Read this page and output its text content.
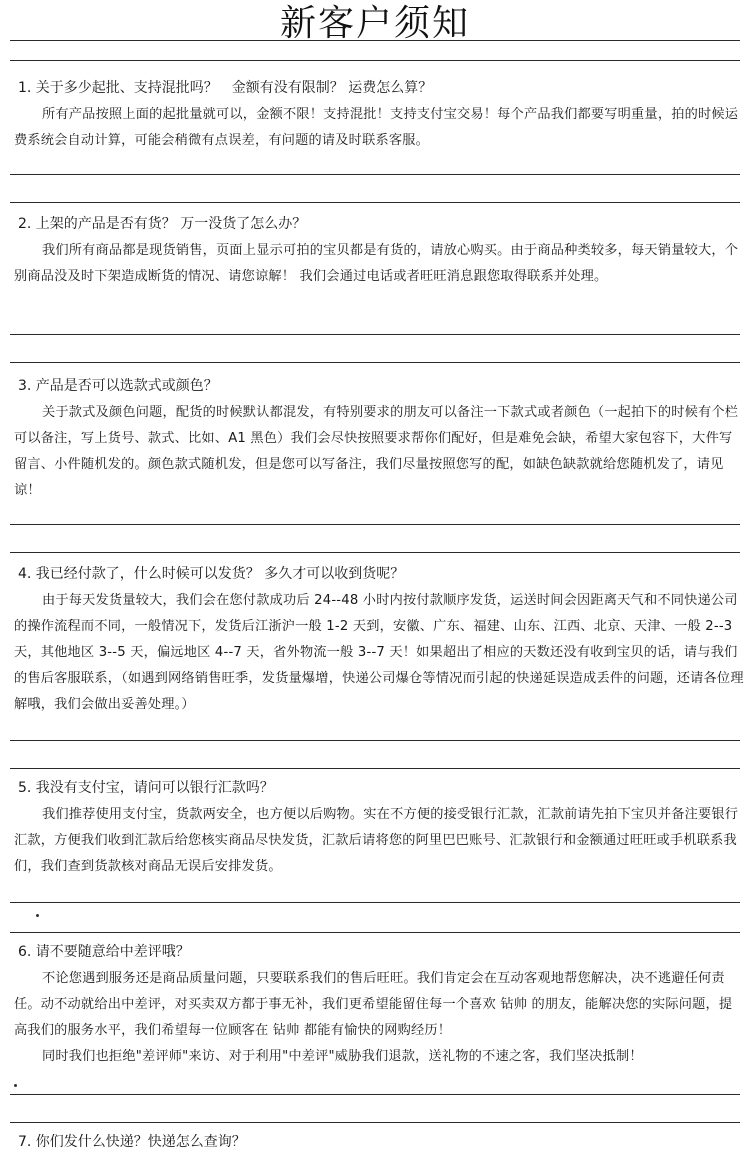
新客户须知
1. 关于多少起批、支持混批吗？　金额有没有限制？ 运费怎么算？
所有产品按照上面的起批量就可以，金额不限！支持混批！支持支付宝交易！每个产品我们都要写明重量，拍的时候运费系统会自动计算，可能会稍微有点误差，有问题的请及时联系客服。
2. 上架的产品是否有货？ 万一没货了怎么办？
我们所有商品都是现货销售，页面上显示可拍的宝贝都是有货的，请放心购买。由于商品种类较多，每天销量较大，个别商品没及时下架造成断货的情况、请您谅解！ 我们会通过电话或者旺旺消息跟您取得联系并处理。
3. 产品是否可以选款式或颜色？
关于款式及颜色问题，配货的时候默认都混发，有特别要求的朋友可以备注一下款式或者颜色（一起拍下的时候有个栏可以备注，写上货号、款式、比如、A1 黑色）我们会尽快按照要求帮你们配好，但是难免会缺，希望大家包容下，大件写留言、小件随机发的。颜色款式随机发，但是您可以写备注，我们尽量按照您写的配，如缺色缺款就给您随机发了，请见谅！
4. 我已经付款了，什么时候可以发货？ 多久才可以收到货呢？
由于每天发货量较大，我们会在您付款成功后 24--48 小时内按付款顺序发货，运送时间会因距离天气和不同快递公司的操作流程而不同，一般情况下，发货后江浙沪一般 1-2 天到，安徽、广东、福建、山东、江西、北京、天津、一般 2--3 天，其他地区 3--5 天，偏远地区 4--7 天，省外物流一般 3--7 天！如果超出了相应的天数还没有收到宝贝的话，请与我们的售后客服联系，（如遇到网络销售旺季，发货量爆增，快递公司爆仓等情况而引起的快递延误造成丢件的问题，还请各位理解哦，我们会做出妥善处理。）
5. 我没有支付宝，请问可以银行汇款吗？
我们推荐使用支付宝，货款两安全，也方便以后购物。实在不方便的接受银行汇款，汇款前请先拍下宝贝并备注要银行汇款，方便我们收到汇款后给您核实商品尽快发货，汇款后请将您的阿里巴巴账号、汇款银行和金额通过旺旺或手机联系我们，我们查到货款核对商品无误后安排发货。
6. 请不要随意给中差评哦？
不论您遇到服务还是商品质量问题，只要联系我们的售后旺旺。我们肯定会在互动客观地帮您解决，决不逃避任何责任。动不动就给出中差评，对买卖双方都于事无补，我们更希望能留住每一个喜欢 钻帅 的朋友，能解决您的实际问题，提高我们的服务水平，我们希望每一位顾客在 钻帅 都能有愉快的网购经历！
同时我们也拒绝"差评师"来访、对于利用"中差评"威胁我们退款，送礼物的不速之客，我们坚决抵制！
7. 你们发什么快递？快递怎么查询？
